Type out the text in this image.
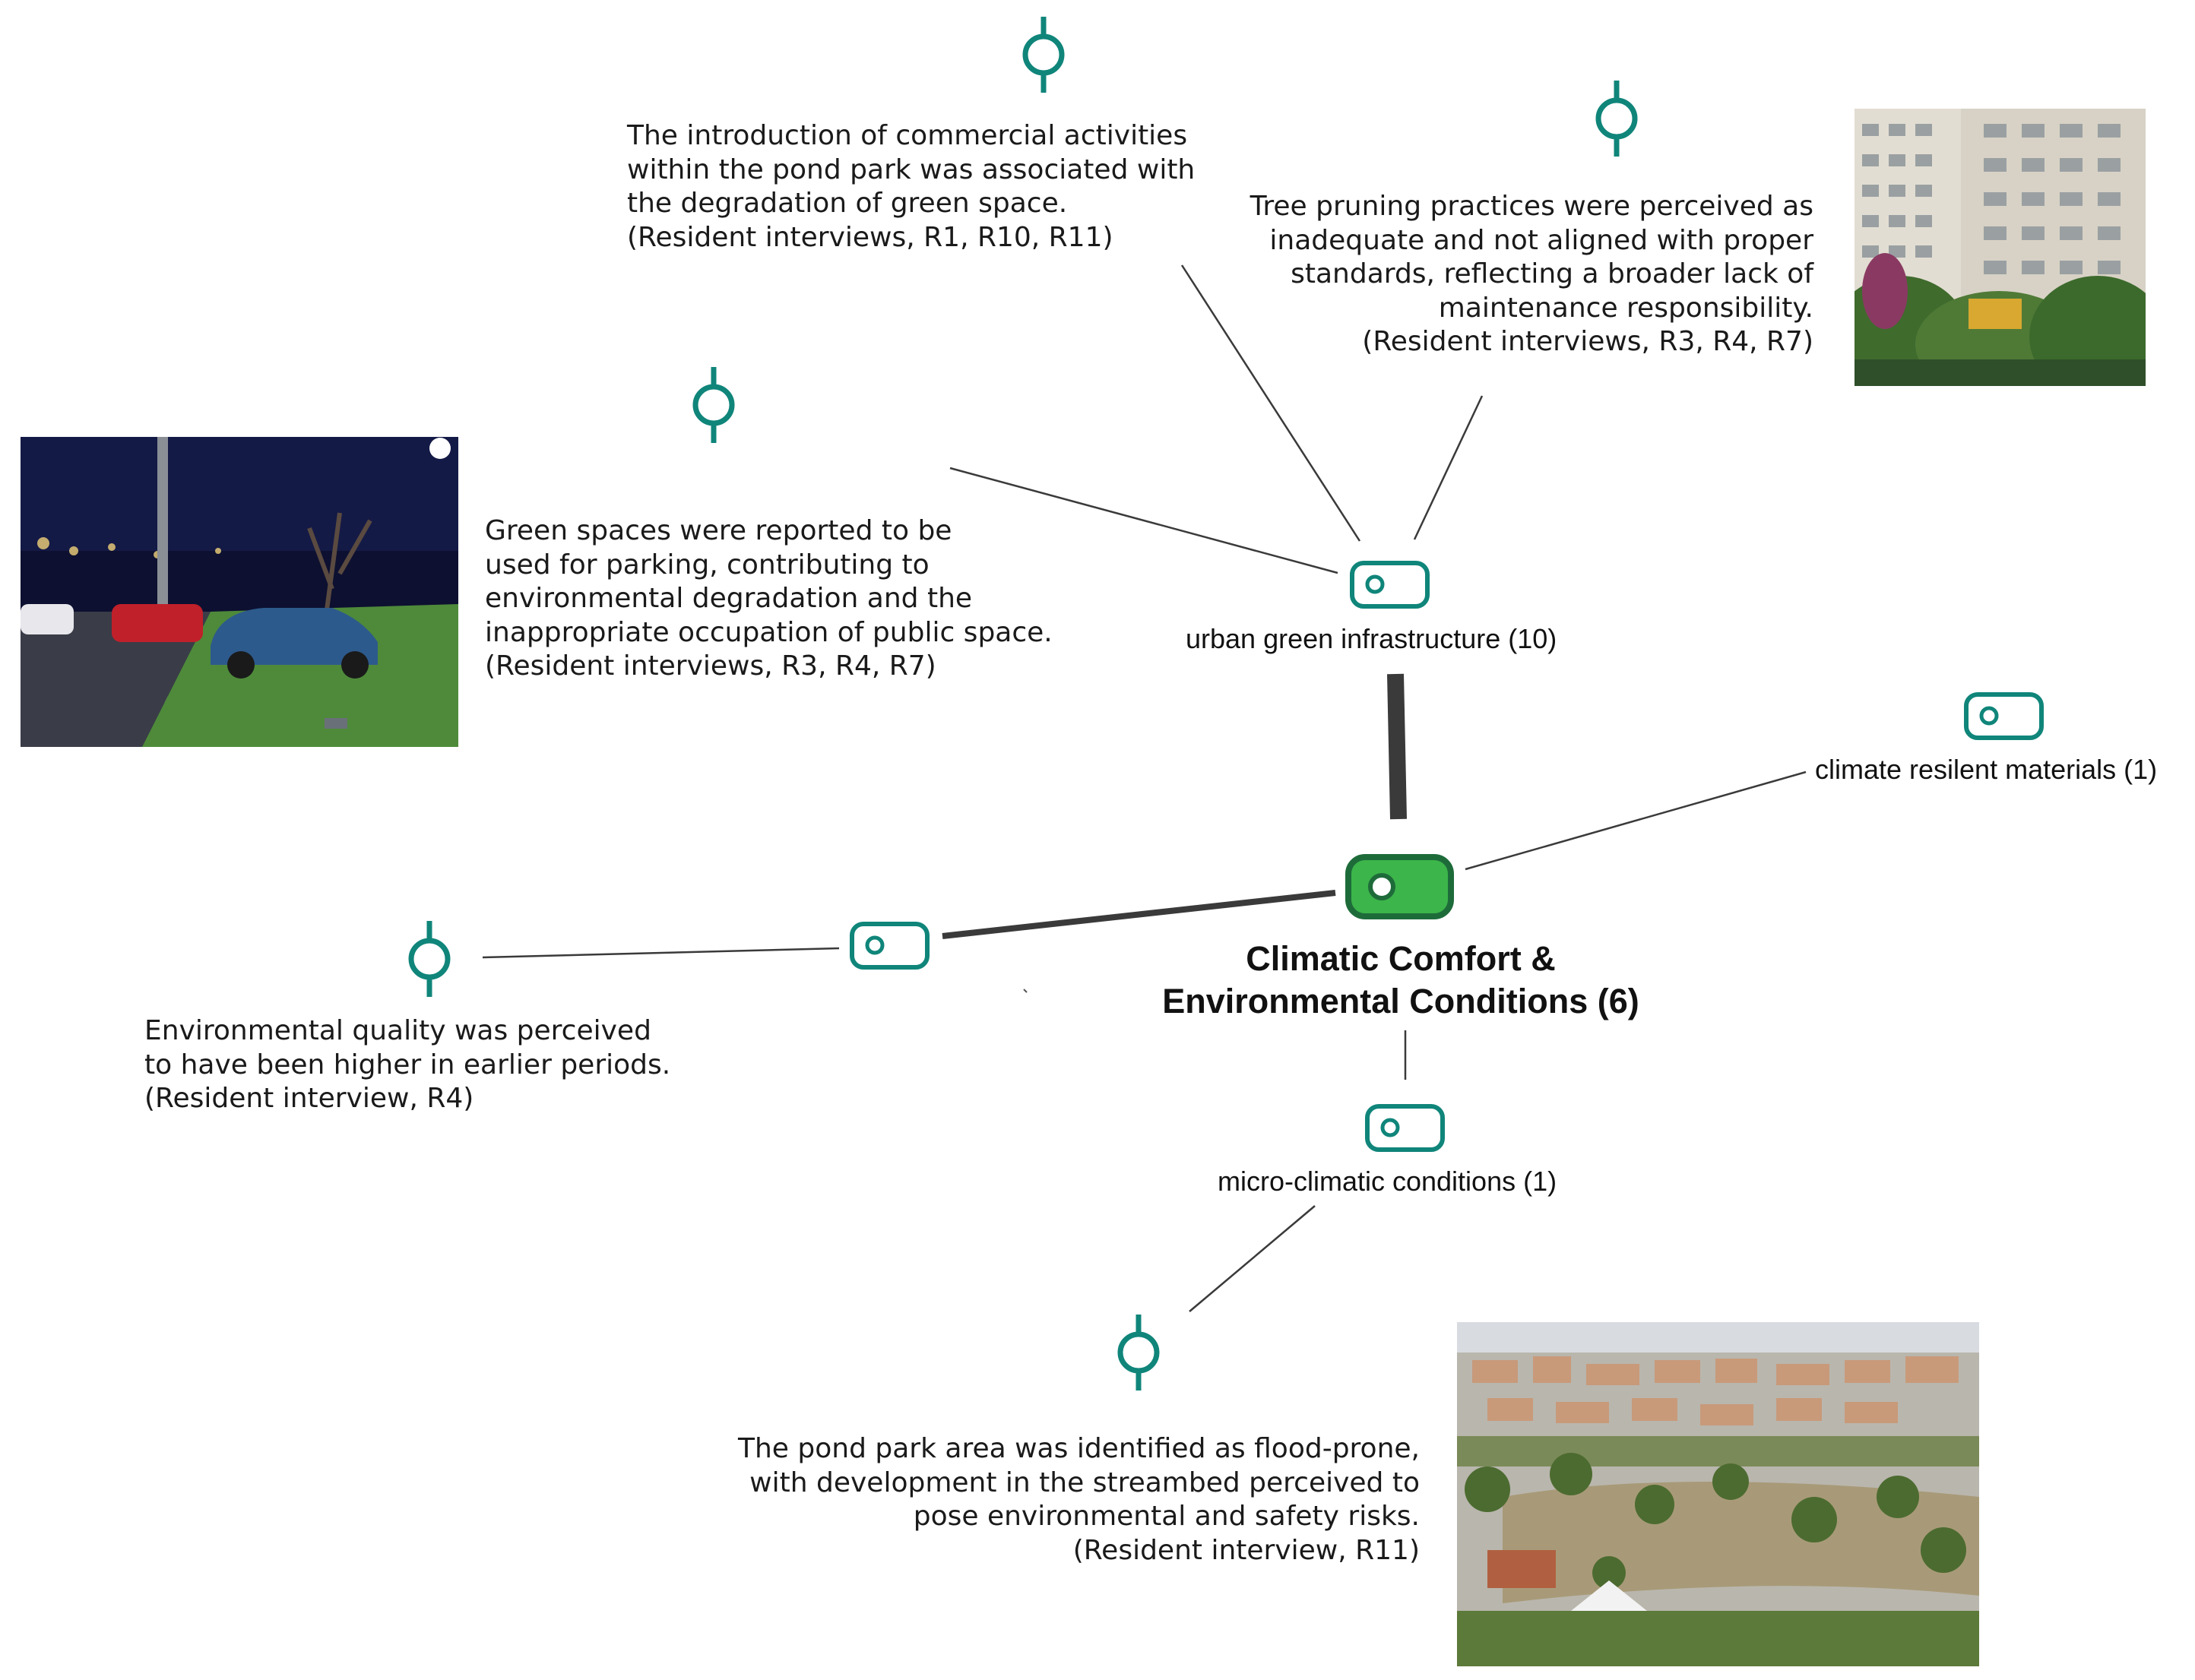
The introduction of commercial activities
within the pond park was associated with
the degradation of green space.
(Resident interviews, R1, R10, R11)
Tree pruning practices were perceived as
inadequate and not aligned with proper
standards, reflecting a broader lack of
maintenance responsibility.
(Resident interviews, R3, R4, R7)
Green spaces were reported to be
used for parking, contributing to
environmental degradation and the
inappropriate occupation of public space.
(Resident interviews, R3, R4, R7)
Environmental quality was perceived
to have been higher in earlier periods.
(Resident interview, R4)
The pond park area was identified as flood-prone,
with development in the streambed perceived to
pose environmental and safety risks.
(Resident interview, R11)
urban green infrastructure (10)
climate resilent materials (1)
micro-climatic conditions (1)
Climatic Comfort &
Environmental Conditions (6)
